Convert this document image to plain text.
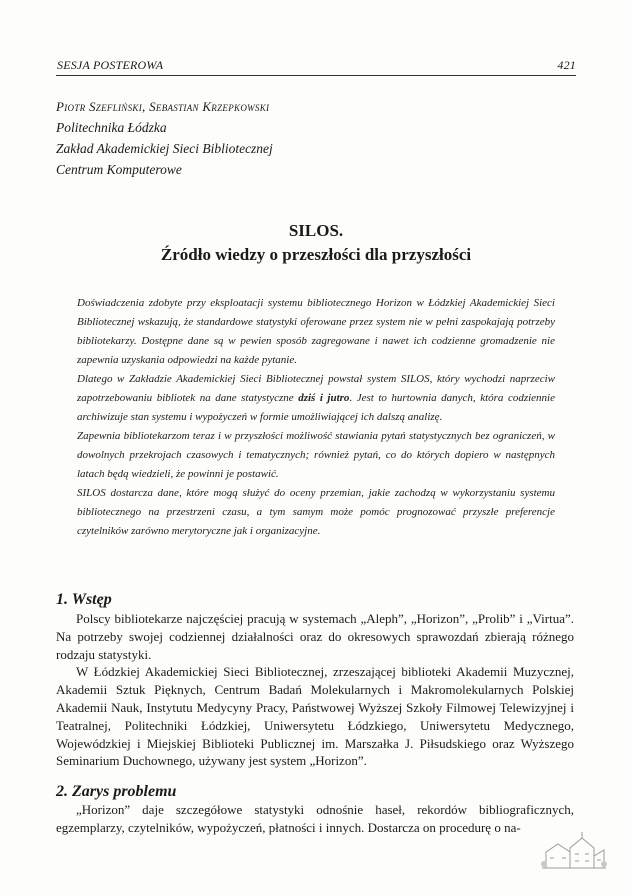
SESJA POSTEROWA	421
Piotr Szefliński, Sebastian Krzepkowski
Politechnika Łódzka
Zakład Akademickiej Sieci Bibliotecznej
Centrum Komputerowe
SILOS.
Źródło wiedzy o przeszłości dla przyszłości

Doświadczenia zdobyte przy eksploatacji systemu bibliotecznego Horizon w Łódzkiej Akademickiej Sieci Bibliotecznej wskazują, że standardowe statystyki oferowane przez system nie w pełni zaspokajają potrzeby bibliotekarzy. Dostępne dane są w pewien sposób zagregowane i nawet ich codzienne gromadzenie nie zapewnia uzyskania odpowiedzi na każde pytanie.

Dlatego w Zakładzie Akademickiej Sieci Bibliotecznej powstał system SILOS, który wychodzi naprzeciw zapotrzebowaniu bibliotek na dane statystyczne dziś i jutro. Jest to hurtownia danych, która codziennie archiwizuje stan systemu i wypożyczeń w formie umożliwiającej ich dalszą analizę.

Zapewnia bibliotekarzom teraz i w przyszłości możliwość stawiania pytań statystycznych bez ograniczeń, w dowolnych przekrojach czasowych i tematycznych; również pytań, co do których dopiero w następnych latach będą wiedzieli, że powinni je postawić.

SILOS dostarcza dane, które mogą służyć do oceny przemian, jakie zachodzą w wykorzystaniu systemu bibliotecznego na przestrzeni czasu, a tym samym może pomóc prognozować przyszłe preferencje czytelników zarówno merytoryczne jak i organizacyjne.

1. Wstęp

Polscy bibliotekarze najczęściej pracują w systemach „Aleph”, „Horizon”, „Prolib” i „Virtua”. Na potrzeby swojej codziennej działalności oraz do okresowych sprawozdań zbierają różnego rodzaju statystyki.

W Łódzkiej Akademickiej Sieci Bibliotecznej, zrzeszającej biblioteki Akademii Muzycznej, Akademii Sztuk Pięknych, Centrum Badań Molekularnych i Makromolekularnych Polskiej Akademii Nauk, Instytutu Medycyny Pracy, Państwowej Wyższej Szkoły Filmowej Telewizyjnej i Teatralnej, Politechniki Łódzkiej, Uniwersytetu Łódzkiego, Uniwersytetu Medycznego, Wojewódzkiej i Miejskiej Biblioteki Publicznej im. Marszałka J. Piłsudskiego oraz Wyższego Seminarium Duchownego, używany jest system „Horizon”.

2. Zarys problemu

„Horizon” daje szczegółowe statystyki odnośnie haseł, rekordów bibliograficznych, egzemplarzy, czytelników, wypożyczeń, płatności i innych. Dostarcza on procedurę o na-
